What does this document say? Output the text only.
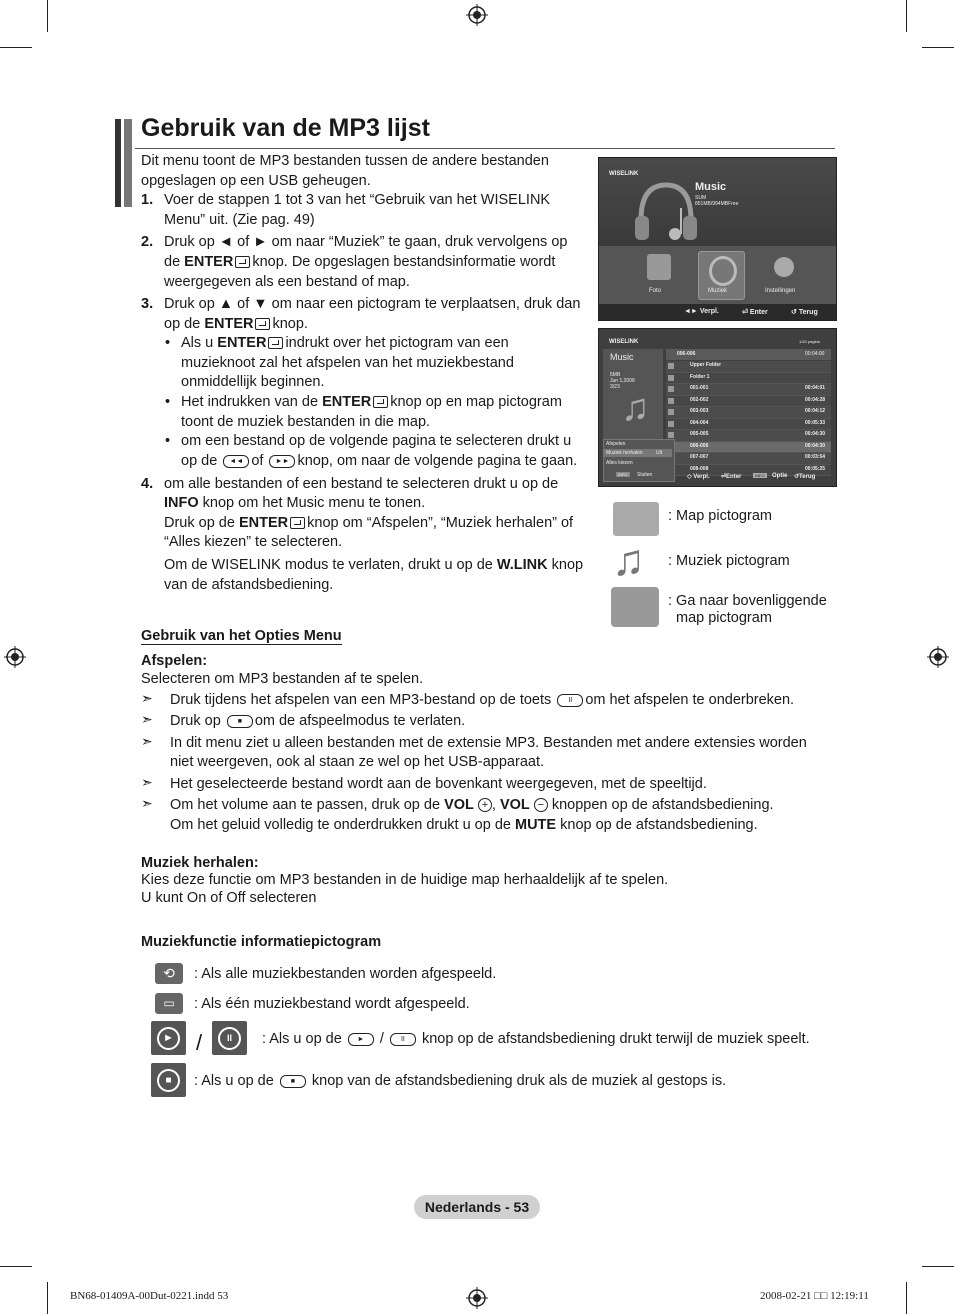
Gebruik van de MP3 lijst
Dit menu toont de MP3 bestanden tussen de andere bestanden opgeslagen op een USB geheugen.
1. Voer de stappen 1 tot 3 van het “Gebruik van het WISELINK
Menu” uit. (Zie pag. 49)
2. Druk op ◄ of ► om naar “Muziek” te gaan, druk vervolgens op
de ENTER knop. De opgeslagen bestandsinformatie wordt
weergegeven als een bestand of map.
3. Druk op ▲ of ▼ om naar een pictogram te verplaatsen, druk dan
op de ENTER knop.
• Als u ENTER indrukt over het pictogram van een
muzieknoot zal het afspelen van het muziekbestand
onmiddellijk beginnen.
• Het indrukken van de ENTER knop op en map pictogram
toont de muziek bestanden in die map.
• om een bestand op de volgende pagina te selecteren drukt u
op de ◄◄ of ►► knop, om naar de volgende pagina te gaan.
4. om alle bestanden of een bestand te selecteren drukt u op de
INFO knop om het Music menu te tonen.
Druk op de ENTER knop om “Afspelen”, “Muziek herhalen” of
“Alles kiezen” te selecteren.
Om de WISELINK modus te verlaten, drukt u op de W.LINK knop
van de afstandsbediening.
WISELINK
Music
SUM
851MB/994MBFree
Foto	Muziek	Instellingen
◄► Verpl.	⏎ Enter	↺ Terug
WISELINK	1/10 pagina
Music
5MB
Jun 1,2008
3/23 ♫
006-006	00:04:00
Upper Folder
Folder 1
001-001	00:04:01
002-002	00:04:28
003-003	00:04:12
004-004	00:05:33
005-005	00:04:30
006-006	00:04:30
007-007	00:03:54
008-008	00:05:25
Afspelen
Muziek herhalen	Uit
Alles kiezen
INFO	Sluiten	◇ Verpl. ⏎Enter	INFO	Optie ↺Terug
: Map pictogram
♫ : Muziek pictogram
: Ga naar bovenliggende
map pictogram
Gebruik van het Opties Menu
Afspelen:
Selecteren om MP3 bestanden af te spelen.
➣ Druk tijdens het afspelen van een MP3-bestand op de toets II om het afspelen te onderbreken.
➣ Druk op ■ om de afspeelmodus te verlaten.
➣ In dit menu ziet u alleen bestanden met de extensie MP3. Bestanden met andere extensies worden
niet weergeven, ook al staan ze wel op het USB-apparaat.
➣ Het geselecteerde bestand wordt aan de bovenkant weergegeven, met de speeltijd.
➣ Om het volume aan te passen, druk op de VOL + , VOL − knoppen op de afstandsbediening.
Om het geluid volledig te onderdrukken drukt u op de MUTE knop op de afstandsbediening.
Muziek herhalen:
Kies deze functie om MP3 bestanden in de huidige map herhaaldelijk af te spelen.
U kunt On of Off selecteren
Muziekfunctie informatiepictogram
⟲	: Als alle muziekbestanden worden afgespeeld.
▭	: Als één muziekbestand wordt afgespeeld.
► /	II	: Als u op de ► / II knop op de afstandsbediening drukt terwijl de muziek speelt.
■	: Als u op de ■ knop van de afstandsbediening druk als de muziek al gestops is.
Nederlands - 53
BN68-01409A-00Dut-0221.indd 53	2008-02-21 □□ 12:19:11
